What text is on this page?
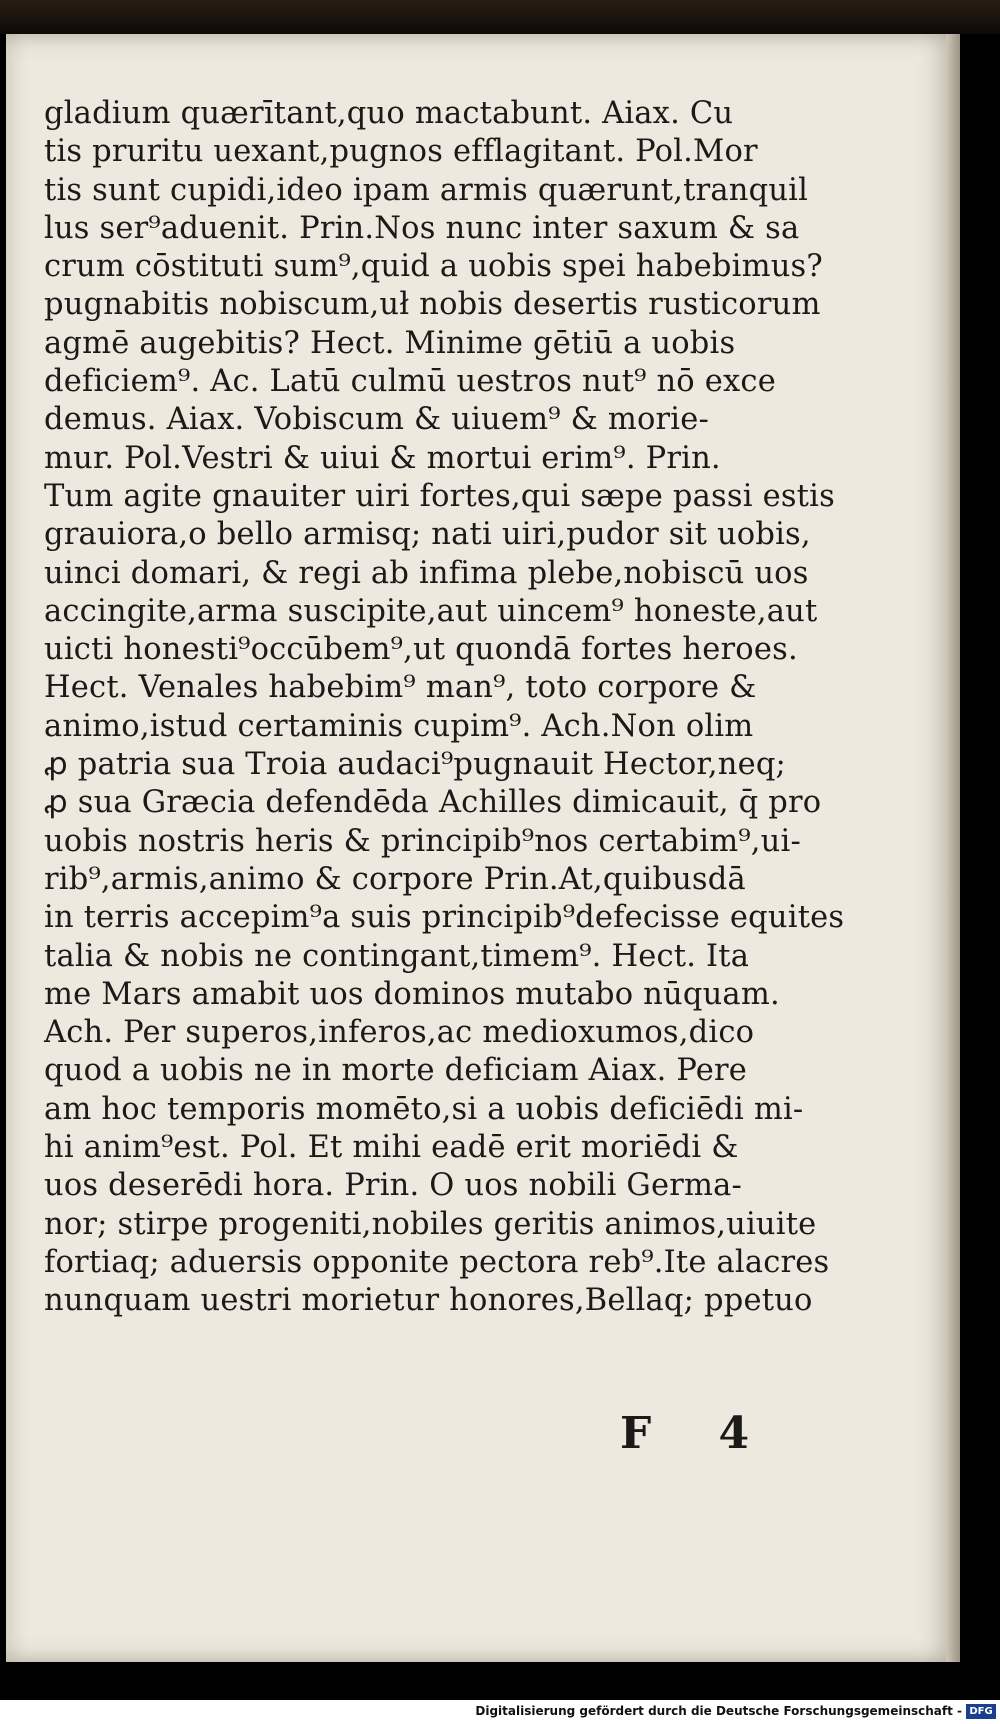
gladium quærītant,quo mactabunt. Aiax. Cu
tis pruritu uexant,pugnos efflagitant. Pol.Mor
tis sunt cupidi,ideo ipam armis quærunt,tranquil
lus ser⁹aduenit. Prin.Nos nunc inter saxum & sa
crum cōstituti sum⁹,quid a uobis spei habebimus?
pugnabitis nobiscum,uł nobis desertis rusticorum
agmē augebitis? Hect. Minime gētiū a uobis
deficiem⁹. Ac. Latū culmū uestros nut⁹ nō exce
demus. Aiax. Vobiscum & uiuem⁹ & morie-
mur. Pol.Vestri & uiui & mortui erim⁹. Prin.
Tum agite gnauiter uiri fortes,qui sæpe passi estis
grauiora,o bello armisq; nati uiri,pudor sit uobis,
uinci domari, & regi ab infima plebe,nobiscū uos
accingite,arma suscipite,aut uincem⁹ honeste,aut
uicti honesti⁹occūbem⁹,ut quondā fortes heroes.
Hect. Venales habebim⁹ man⁹, toto corpore &
animo,istud certaminis cupim⁹. Ach.Non olim
ꝓ patria sua Troia audaci⁹pugnauit Hector,neq;
ꝓ sua Græcia defendēda Achilles dimicauit, q̄ pro
uobis nostris heris & principib⁹nos certabim⁹,ui-
rib⁹,armis,animo & corpore Prin.At,quibusdā
in terris accepim⁹a suis principib⁹defecisse equites
talia & nobis ne contingant,timem⁹. Hect. Ita
me Mars amabit uos dominos mutabo nūquam.
Ach. Per superos,inferos,ac medioxumos,dico
quod a uobis ne in morte deficiam Aiax. Pere
am hoc temporis momēto,si a uobis deficiēdi mi-
hi anim⁹est. Pol. Et mihi eadē erit moriēdi &
uos deserēdi hora. Prin. O uos nobili Germa-
nor; stirpe progeniti,nobiles geritis animos,uiuite
fortiaq; aduersis opponite pectora reb⁹.Ite alacres
nunquam uestri morietur honores,Bellaq; ppetuo
F 4
Digitalisierung gefördert durch die Deutsche Forschungsgemeinschaft - DFG
